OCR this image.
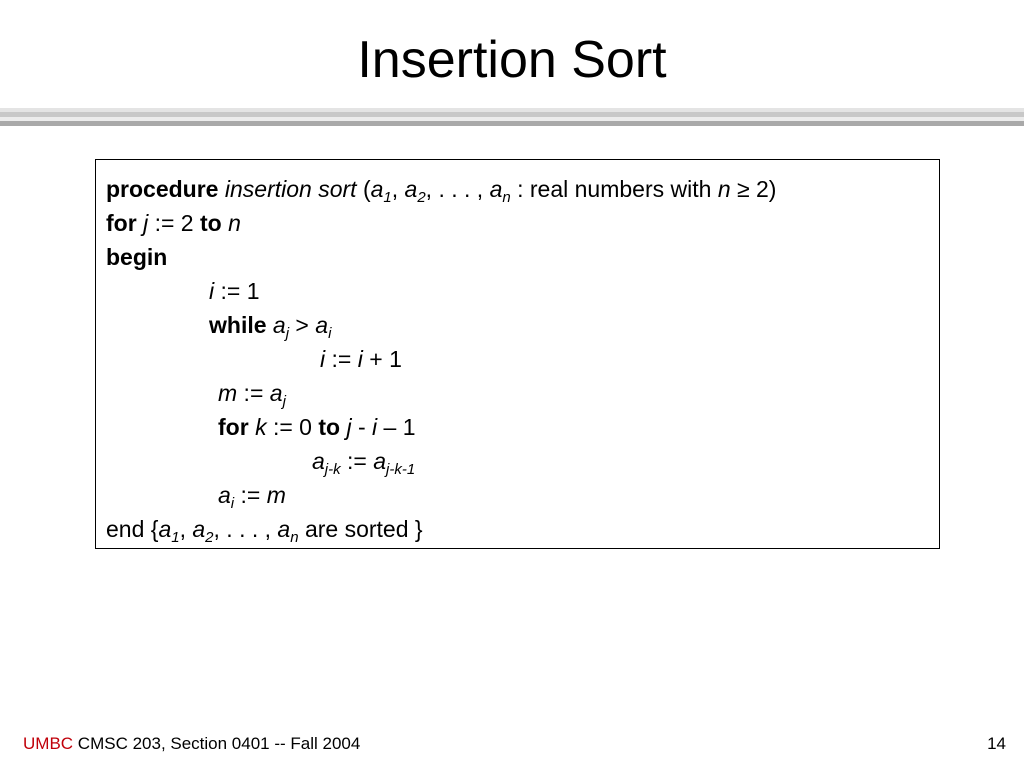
Insertion Sort
procedure insertion sort ($a_1$, $a_2$, . . . , $a_n$ : real numbers with n ≥ 2)
for j := 2 to n
begin
i := 1
while $a_j > a_i$
i := i + 1
m := $a_j$
for k := 0 to j - i – 1
$a_{j-k}$ := $a_{j-k-1}$
$a_i$ := m
end {$a_1$, $a_2$, . . . , $a_n$ are sorted }
UMBC CMSC 203, Section 0401 -- Fall 2004	14
